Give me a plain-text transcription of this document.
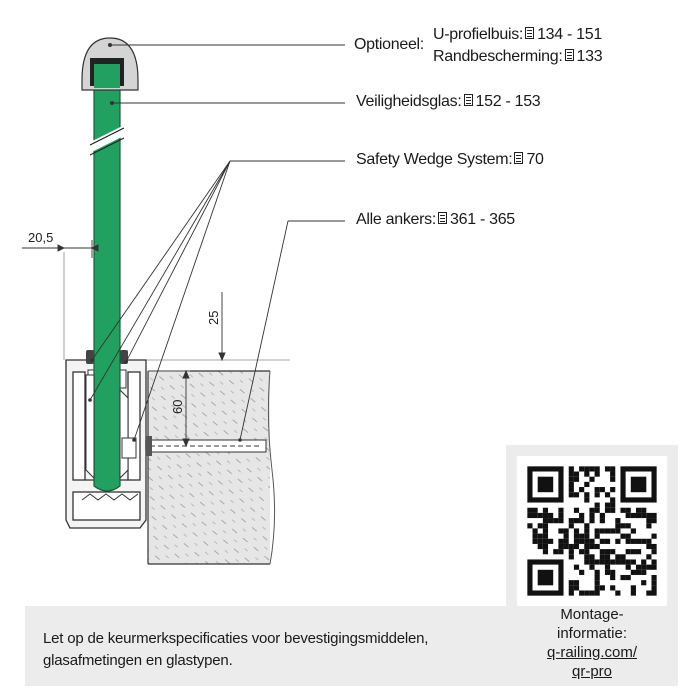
20,5
25
60
Optioneel:
U-profielbuis: 134 - 151

Randbescherming: 133
Veiligheidsglas: 152 - 153
Safety Wedge System: 70
Alle ankers: 361 - 365
Let op de keurmerkspecificaties voor bevestigingsmiddelen,
glasafmetingen en glastypen.
Montage-
informatie:
q-railing.com/
qr-pro
